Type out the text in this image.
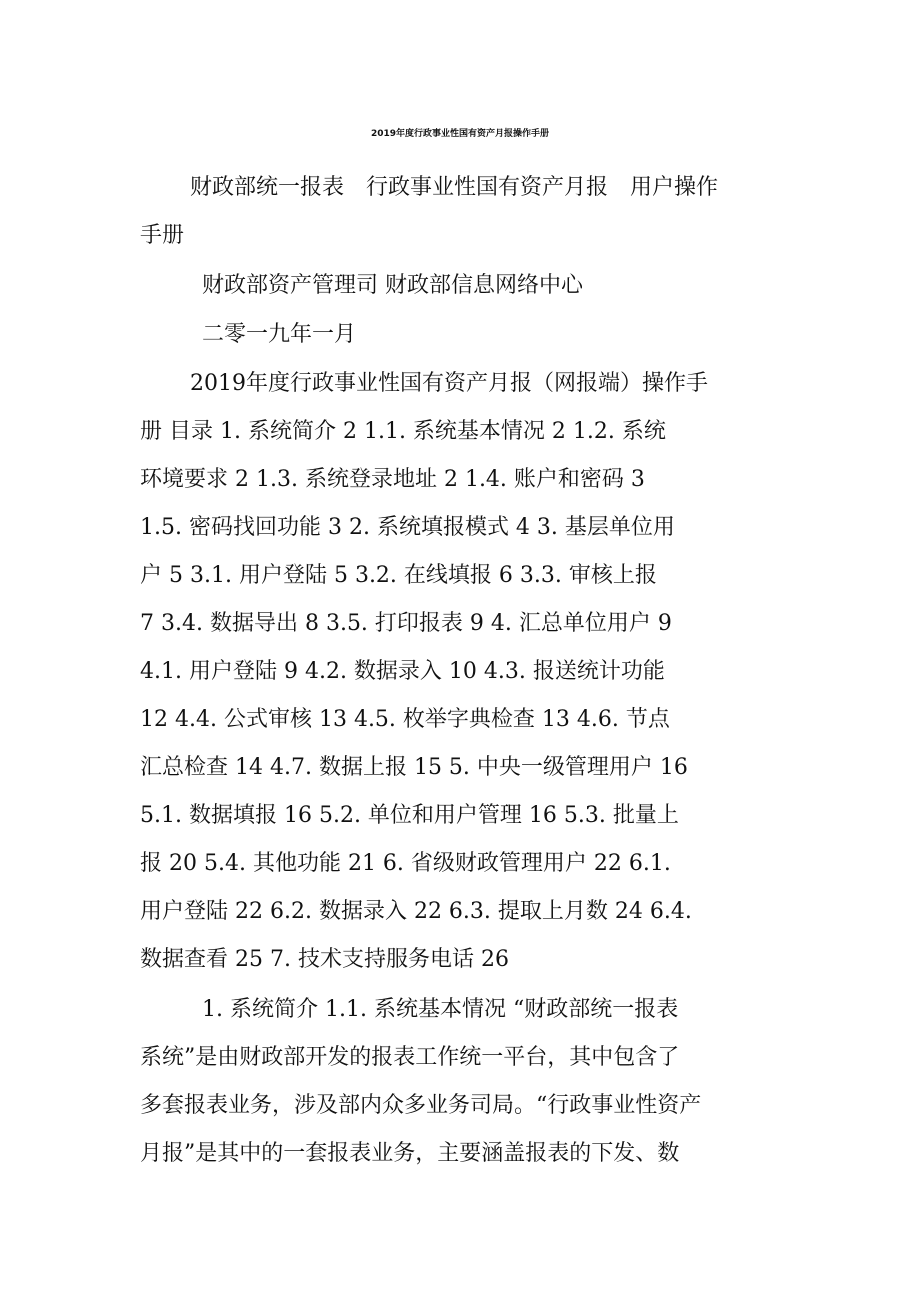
2019年度行政事业性国有资产月报操作手册
财政部统一报表　行政事业性国有资产月报　用户操作
手册
财政部资产管理司 财政部信息网络中心
二零一九年一月
2019年度行政事业性国有资产月报（网报端）操作手
册 目录 1. 系统简介 2 1.1. 系统基本情况 2 1.2. 系统
环境要求 2 1.3. 系统登录地址 2 1.4. 账户和密码 3
1.5. 密码找回功能 3 2. 系统填报模式 4 3. 基层单位用
户 5 3.1. 用户登陆 5 3.2. 在线填报 6 3.3. 审核上报
7 3.4. 数据导出 8 3.5. 打印报表 9 4. 汇总单位用户 9
4.1. 用户登陆 9 4.2. 数据录入 10 4.3. 报送统计功能
12 4.4. 公式审核 13 4.5. 枚举字典检查 13 4.6. 节点
汇总检查 14 4.7. 数据上报 15 5. 中央一级管理用户 16
5.1. 数据填报 16 5.2. 单位和用户管理 16 5.3. 批量上
报 20 5.4. 其他功能 21 6. 省级财政管理用户 22 6.1.
用户登陆 22 6.2. 数据录入 22 6.3. 提取上月数 24 6.4.
数据查看 25 7. 技术支持服务电话 26
1. 系统简介 1.1. 系统基本情况 “财政部统一报表
系统”是由财政部开发的报表工作统一平台，其中包含了
多套报表业务，涉及部内众多业务司局。“行政事业性资产
月报”是其中的一套报表业务，主要涵盖报表的下发、数
